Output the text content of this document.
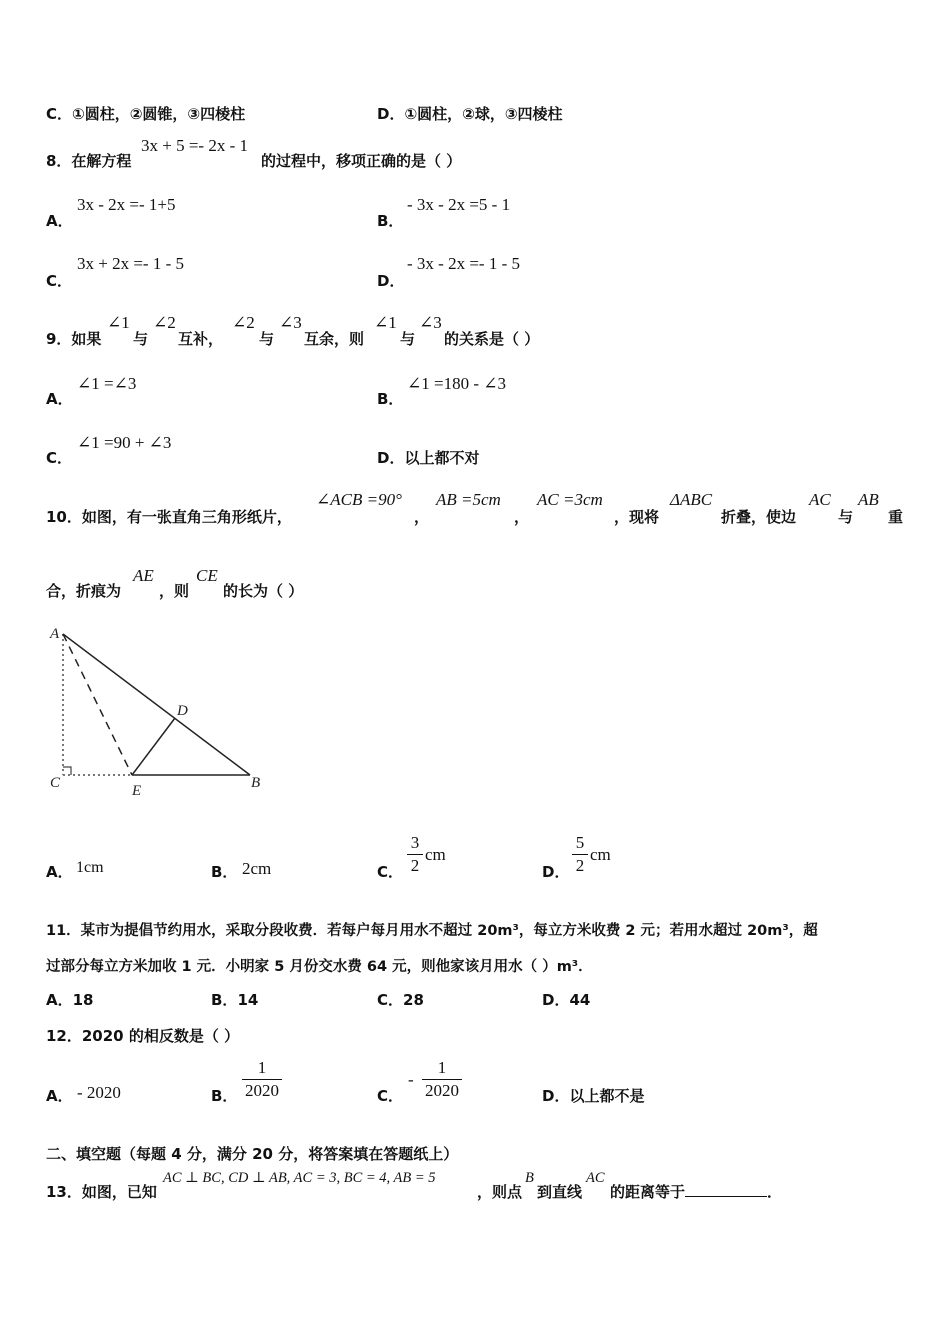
C．①圆柱，②圆锥，③四棱柱	D．①圆柱，②球，③四棱柱
8．在解方程
3x + 5 =- 2x - 1
的过程中，移项正确的是（ ）
A．
3x - 2x =- 1+5
B．
- 3x - 2x =5 - 1
C．
3x + 2x =- 1 - 5
D．
- 3x - 2x =- 1 - 5
9．如果
∠1
与
∠2
互补，
∠2
与
∠3
互余，则
∠1
与
∠3
的关系是（ ）
A．
∠1 =∠3
B．
∠1 =180 - ∠3
C．
∠1 =90 + ∠3
D．以上都不对
10．如图，有一张直角三角形纸片，
∠ACB =90°
，
AB =5cm
，
AC =3cm
，现将
ΔABC
折叠，使边
AC
与
AB
重
合，折痕为
AE
，则
CE
的长为（ ）
A
C	E	B
D
A． 1cm	B． 2cm	C．
3
2
cm
D．
5
2
cm
11．某市为提倡节约用水，采取分段收费．若每户每月用水不超过 20m³，每立方米收费 2 元；若用水超过 20m³，超
过部分每立方米加收 1 元．小明家 5 月份交水费 64 元，则他家该月用水（ ）m³．
A．18	B．14	C．28	D．44
12．2020 的相反数是（ ）
A． - 2020	B．
1
2020	C．
-
1
2020	D．以上都不是
二、填空题（每题 4 分，满分 20 分，将答案填在答题纸上）
13．如图，已知
AC ⊥ BC, CD ⊥ AB, AC = 3, BC = 4, AB = 5
，则点
B
到直线
AC
的距离等于	．
